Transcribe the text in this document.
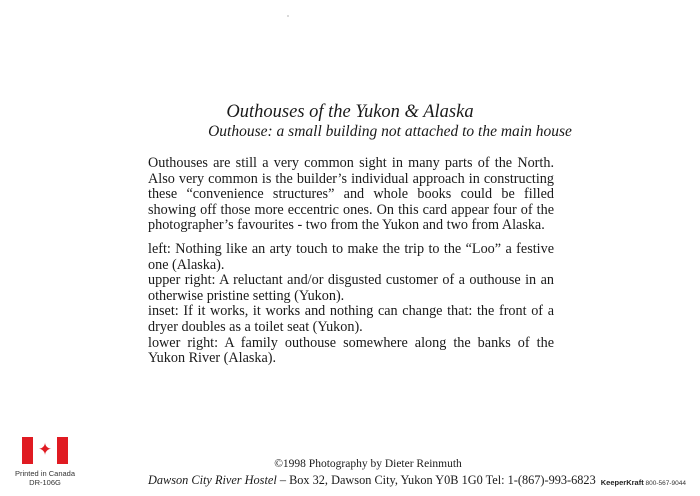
Outhouses of the Yukon & Alaska
Outhouse: a small building not attached to the main house

Outhouses are still a very common sight in many parts of the North. Also very common is the builder’s individual approach in constructing these “convenience structures” and whole books could be filled showing off those more eccentric ones. On this card appear four of the photographer’s favourites - two from the Yukon and two from Alaska.

left: Nothing like an arty touch to make the trip to the “Loo” a festive one (Alaska).

upper right: A reluctant and/or disgusted customer of a outhouse in an otherwise pristine setting (Yukon).

inset: If it works, it works and nothing can change that: the front of a dryer doubles as a toilet seat (Yukon).

lower right: A family outhouse somewhere along the banks of the Yukon River (Alaska).

©1998 Photography by Dieter Reinmuth
Dawson City River Hostel – Box 32, Dawson City, Yukon Y0B 1G0 Tel: 1-(867)-993-6823
✦
Printed in Canada
DR-106G	KeeperKraft 800-567-9044
